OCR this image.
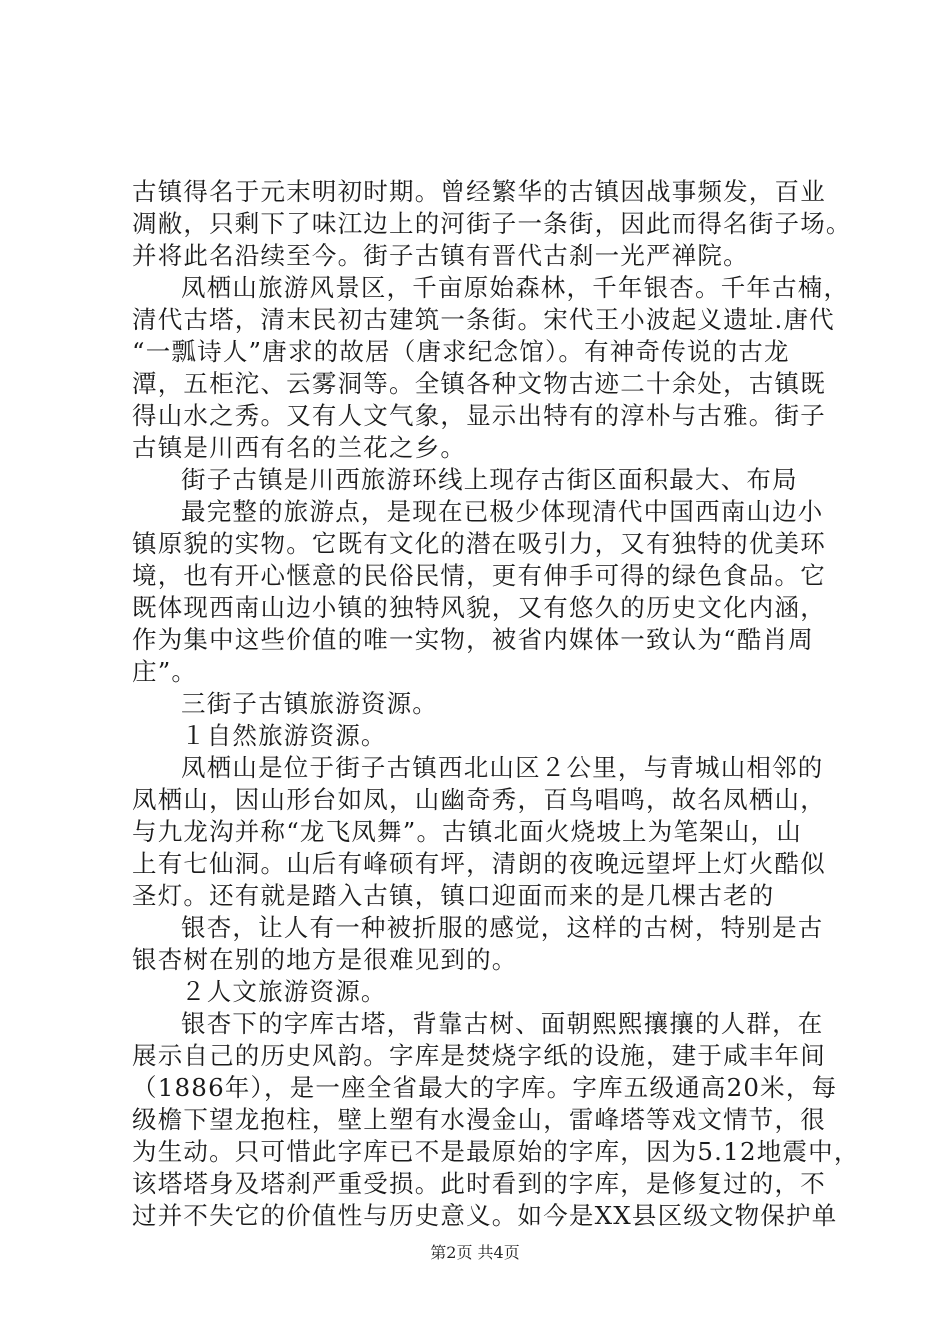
古镇得名于元末明初时期。曾经繁华的古镇因战事频发，百业
凋敝，只剩下了味江边上的河街子一条街，因此而得名街子场。
并将此名沿续至今。街子古镇有晋代古刹一光严禅院。
凤栖山旅游风景区，千亩原始森林，千年银杏。千年古楠，
清代古塔，清末民初古建筑一条街。宋代王小波起义遗址.唐代
“一瓢诗人”唐求的故居（唐求纪念馆）。有神奇传说的古龙
潭，五柜沱、云雾洞等。全镇各种文物古迹二十余处，古镇既
得山水之秀。又有人文气象，显示出特有的淳朴与古雅。街子
古镇是川西有名的兰花之乡。
街子古镇是川西旅游环线上现存古街区面积最大、布局
最完整的旅游点，是现在已极少体现清代中国西南山边小
镇原貌的实物。它既有文化的潜在吸引力，又有独特的优美环
境，也有开心惬意的民俗民情，更有伸手可得的绿色食品。它
既体现西南山边小镇的独特风貌，又有悠久的历史文化内涵，
作为集中这些价值的唯一实物，被省内媒体一致认为“酷肖周
庄”。
三街子古镇旅游资源。
１自然旅游资源。
凤栖山是位于街子古镇西北山区２公里，与青城山相邻的
凤栖山，因山形台如凤，山幽奇秀，百鸟唱鸣，故名凤栖山，
与九龙沟并称“龙飞凤舞”。古镇北面火烧坡上为笔架山，山
上有七仙洞。山后有峰硕有坪，清朗的夜晚远望坪上灯火酷似
圣灯。还有就是踏入古镇，镇口迎面而来的是几棵古老的
银杏，让人有一种被折服的感觉，这样的古树，特别是古
银杏树在别的地方是很难见到的。
２人文旅游资源。
银杏下的字库古塔，背靠古树、面朝熙熙攘攘的人群，在
展示自己的历史风韵。字库是焚烧字纸的设施，建于咸丰年间
（1886年），是一座全省最大的字库。字库五级通高20米，每
级檐下望龙抱柱，壁上塑有水漫金山，雷峰塔等戏文情节，很
为生动。只可惜此字库已不是最原始的字库，因为5.12地震中，
该塔塔身及塔刹严重受损。此时看到的字库，是修复过的，不
过并不失它的价值性与历史意义。如今是XX县区级文物保护单
第2页 共4页
